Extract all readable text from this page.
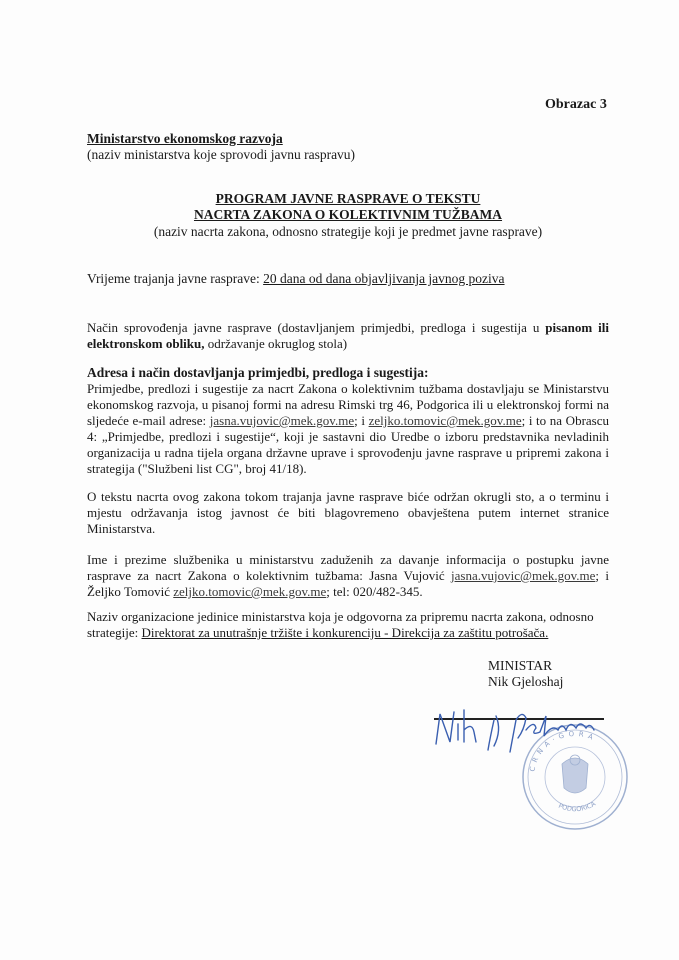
Obrazac 3
Ministarstvo ekonomskog razvoja
(naziv ministarstva koje sprovodi javnu raspravu)
PROGRAM JAVNE RASPRAVE O TEKSTU
NACRTA ZAKONA O KOLEKTIVNIM TUŽBAMA
(naziv nacrta zakona, odnosno strategije koji je predmet javne rasprave)
Vrijeme trajanja javne rasprave: 20 dana od dana objavljivanja javnog poziva
Način sprovođenja javne rasprave (dostavljanjem primjedbi, predloga i sugestija u pisanom ili elektronskom obliku, održavanje okruglog stola)
Adresa i način dostavljanja primjedbi, predloga i sugestija:
Primjedbe, predlozi i sugestije za nacrt Zakona o kolektivnim tužbama dostavljaju se Ministarstvu ekonomskog razvoja, u pisanoj formi na adresu Rimski trg 46, Podgorica ili u elektronskoj formi na sljedeće e-mail adrese: jasna.vujovic@mek.gov.me; i zeljko.tomovic@mek.gov.me; i to na Obrascu 4: „Primjedbe, predlozi i sugestije“, koji je sastavni dio Uredbe o izboru predstavnika nevladinih organizacija u radna tijela organa državne uprave i sprovođenju javne rasprave u pripremi zakona i strategija ("Službeni list CG", broj 41/18).
O tekstu nacrta ovog zakona tokom trajanja javne rasprave biće održan okrugli sto, a o terminu i mjestu održavanja istog javnost će biti blagovremeno obavještena putem internet stranice Ministarstva.
Ime i prezime službenika u ministarstvu zaduženih za davanje informacija o postupku javne rasprave za nacrt Zakona o kolektivnim tužbama: Jasna Vujović jasna.vujovic@mek.gov.me; i Željko Tomović zeljko.tomovic@mek.gov.me; tel: 020/482-345.
Naziv organizacione jedinice ministarstva koja je odgovorna za pripremu nacrta zakona, odnosno strategije: Direktorat za unutrašnje tržište i konkurenciju - Direkcija za zaštitu potrošača.
MINISTAR
Nik Gjeloshaj
C R N A · G O R A
PODGORICA
